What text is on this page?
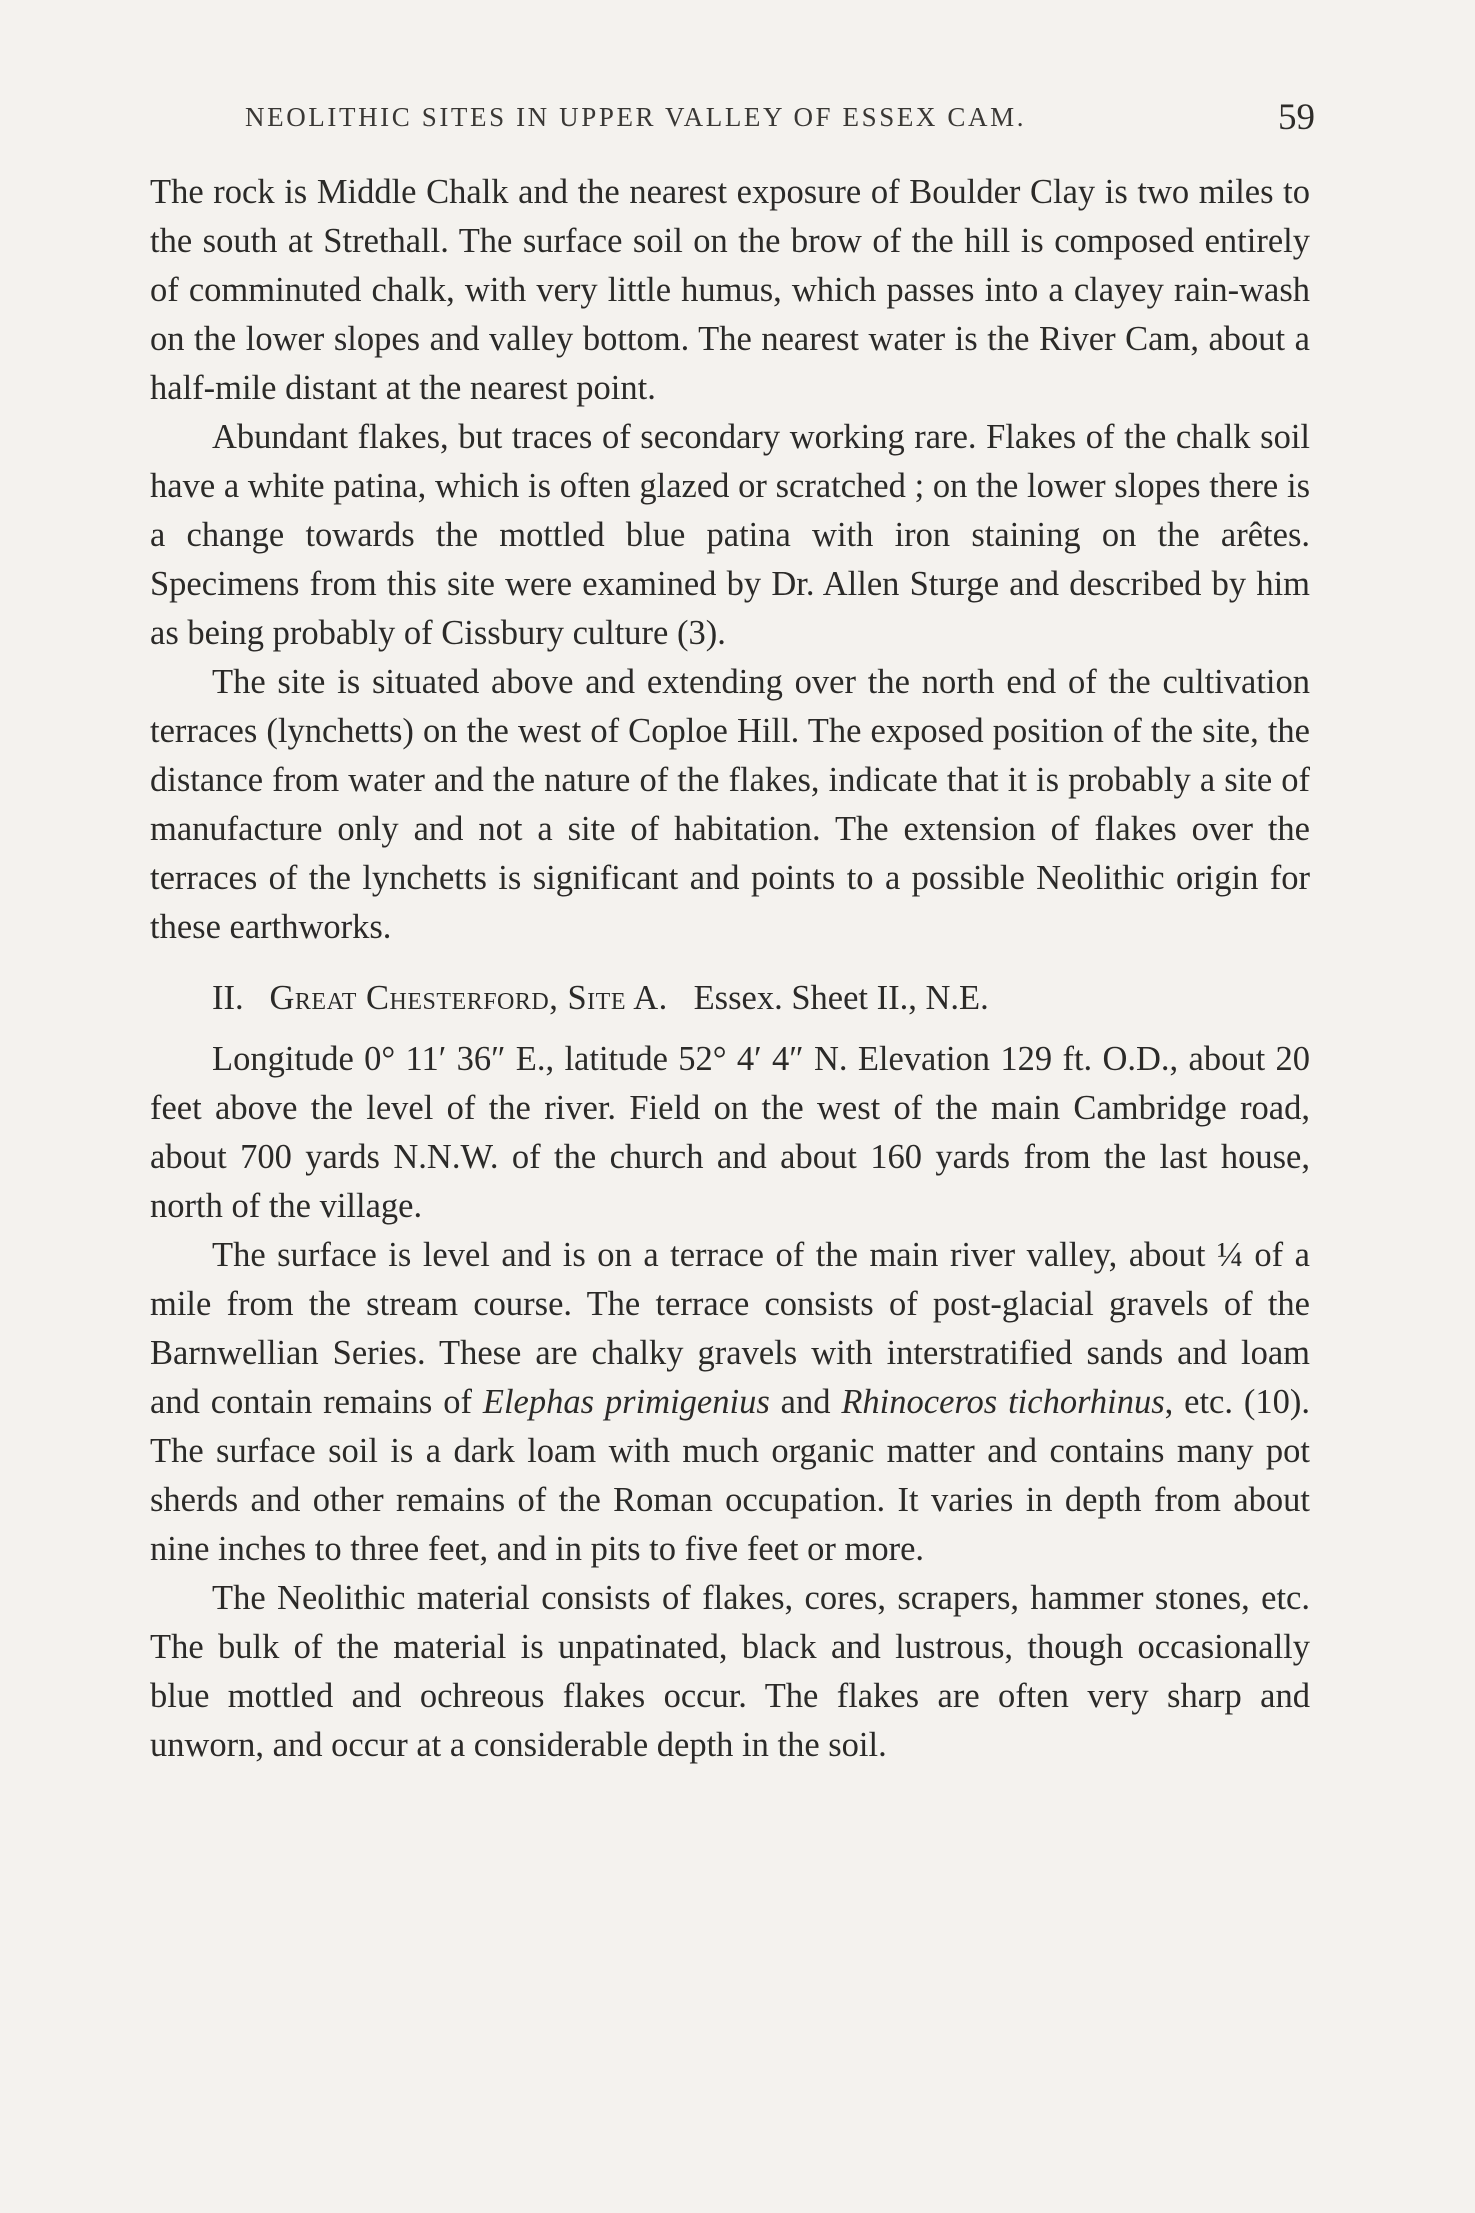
NEOLITHIC SITES IN UPPER VALLEY OF ESSEX CAM.	59

The rock is Middle Chalk and the nearest exposure of Boulder Clay is two miles to the south at Strethall. The surface soil on the brow of the hill is composed entirely of comminuted chalk, with very little humus, which passes into a clayey rain-wash on the lower slopes and valley bottom. The nearest water is the River Cam, about a half-mile distant at the nearest point.

Abundant flakes, but traces of secondary working rare. Flakes of the chalk soil have a white patina, which is often glazed or scratched ; on the lower slopes there is a change towards the mottled blue patina with iron staining on the arêtes. Specimens from this site were examined by Dr. Allen Sturge and described by him as being probably of Cissbury culture (3).

The site is situated above and extending over the north end of the cultivation terraces (lynchetts) on the west of Coploe Hill. The exposed position of the site, the distance from water and the nature of the flakes, indicate that it is probably a site of manufacture only and not a site of habitation. The extension of flakes over the terraces of the lynchetts is significant and points to a possible Neolithic origin for these earthworks.

II. Great Chesterford, Site A. Essex. Sheet II., N.E.

Longitude 0° 11′ 36″ E., latitude 52° 4′ 4″ N. Elevation 129 ft. O.D., about 20 feet above the level of the river. Field on the west of the main Cambridge road, about 700 yards N.N.W. of the church and about 160 yards from the last house, north of the village.

The surface is level and is on a terrace of the main river valley, about ¼ of a mile from the stream course. The terrace consists of post-glacial gravels of the Barnwellian Series. These are chalky gravels with interstratified sands and loam and contain remains of Elephas primigenius and Rhinoceros tichorhinus, etc. (10). The surface soil is a dark loam with much organic matter and contains many pot sherds and other remains of the Roman occupation. It varies in depth from about nine inches to three feet, and in pits to five feet or more.

The Neolithic material consists of flakes, cores, scrapers, hammer stones, etc. The bulk of the material is unpatinated, black and lustrous, though occasionally blue mottled and ochreous flakes occur. The flakes are often very sharp and unworn, and occur at a considerable depth in the soil.
